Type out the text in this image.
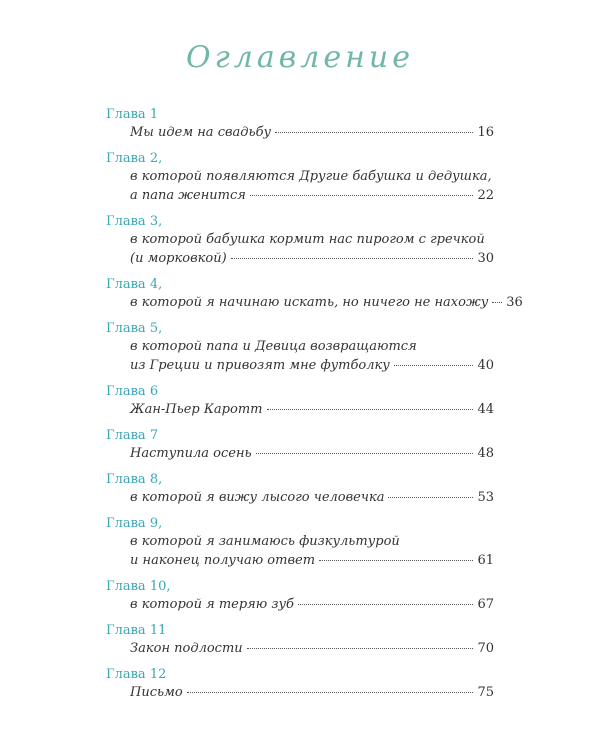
Оглавление
Глава 1
Мы идем на свадьбу	16
Глава 2,
в которой появляются Другие бабушка и дедушка,
а папа женится	22
Глава 3,
в которой бабушка кормит нас пирогом с гречкой
(и морковкой)	30
Глава 4,
в которой я начинаю искать, но ничего не нахожу 36
Глава 5,
в которой папа и Девица возвращаются
из Греции и привозят мне футболку	40
Глава 6
Жан-Пьер Каротт	44
Глава 7
Наступила осень	48
Глава 8,
в которой я вижу лысого человечка	53
Глава 9,
в которой я занимаюсь физкультурой
и наконец получаю ответ	61
Глава 10,
в которой я теряю зуб	67
Глава 11
Закон подлости	70
Глава 12
Письмо	75
